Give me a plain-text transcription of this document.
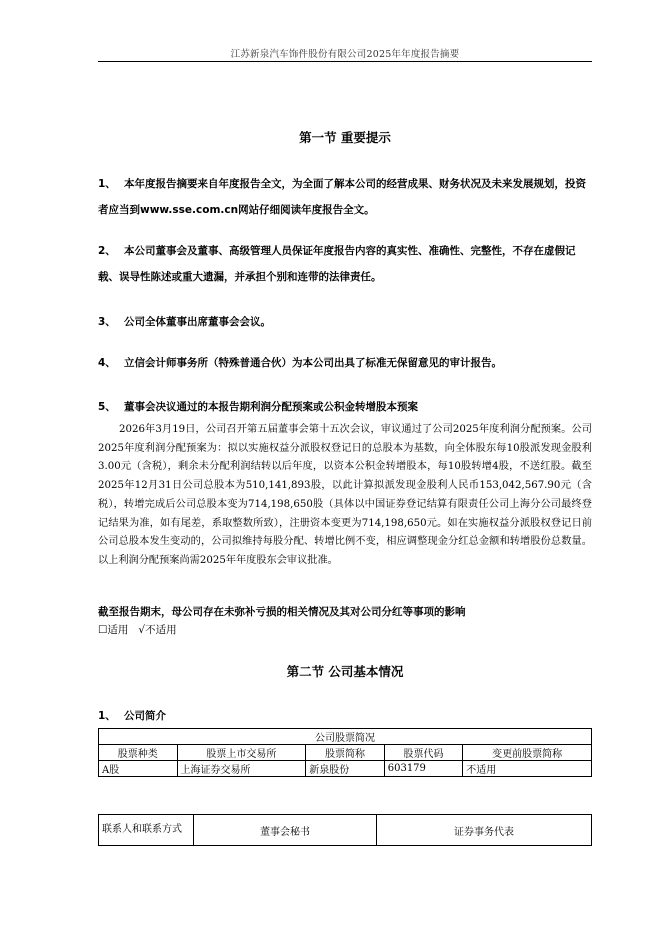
江苏新泉汽车饰件股份有限公司2025年年度报告摘要
第一节 重要提示
1、 本年度报告摘要来自年度报告全文，为全面了解本公司的经营成果、财务状况及未来发展规划，投资者应当到www.sse.com.cn网站仔细阅读年度报告全文。
2、 本公司董事会及董事、高级管理人员保证年度报告内容的真实性、准确性、完整性，不存在虚假记载、误导性陈述或重大遗漏，并承担个别和连带的法律责任。
3、 公司全体董事出席董事会会议。
4、 立信会计师事务所（特殊普通合伙）为本公司出具了标准无保留意见的审计报告。
5、 董事会决议通过的本报告期利润分配预案或公积金转增股本预案
2026年3月19日，公司召开第五届董事会第十五次会议，审议通过了公司2025年度利润分配预案。公司2025年度利润分配预案为：拟以实施权益分派股权登记日的总股本为基数，向全体股东每10股派发现金股利3.00元（含税），剩余未分配利润结转以后年度，以资本公积金转增股本，每10股转增4股，不送红股。截至2025年12月31日公司总股本为510,141,893股，以此计算拟派发现金股利人民币153,042,567.90元（含税），转增完成后公司总股本变为714,198,650股（具体以中国证券登记结算有限责任公司上海分公司最终登记结果为准，如有尾差，系取整数所致），注册资本变更为714,198,650元。如在实施权益分派股权登记日前公司总股本发生变动的，公司拟维持每股分配、转增比例不变，相应调整现金分红总金额和转增股份总数量。以上利润分配预案尚需2025年年度股东会审议批准。
截至报告期末，母公司存在未弥补亏损的相关情况及其对公司分红等事项的影响
☐适用 √不适用
第二节 公司基本情况
1、 公司简介
公司股票简况				
股票种类	股票上市交易所	股票简称	股票代码	变更前股票简称
A股	上海证券交易所	新泉股份	603179	不适用
联系人和联系方式	董事会秘书	证券事务代表
